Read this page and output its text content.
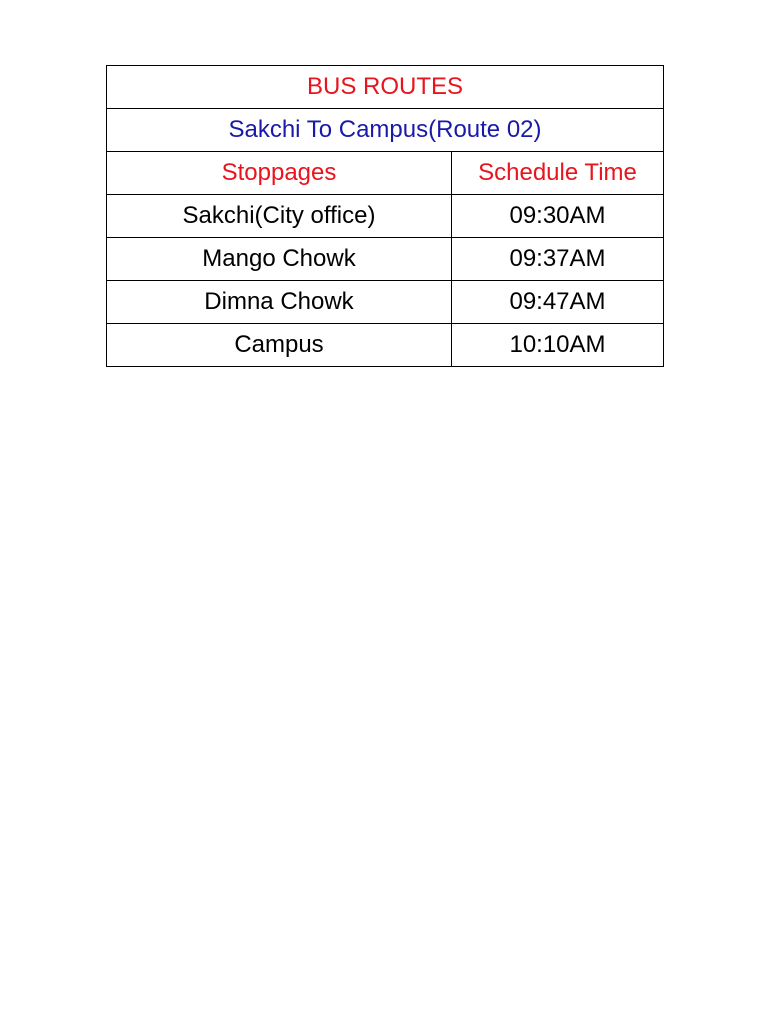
BUS ROUTES	
Sakchi To Campus(Route 02)	
Stoppages	Schedule Time
Sakchi(City office)	09:30AM
Mango Chowk	09:37AM
Dimna Chowk	09:47AM
Campus	10:10AM
